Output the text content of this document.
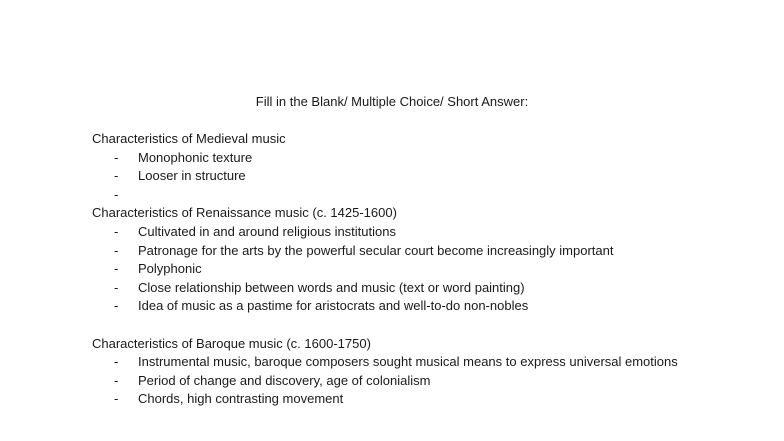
Fill in the Blank/ Multiple Choice/ Short Answer:
Characteristics of Medieval music
-	Monophonic texture
-	Looser in structure
-
Characteristics of Renaissance music (c. 1425-1600)
-	Cultivated in and around religious institutions
-	Patronage for the arts by the powerful secular court become increasingly important
-	Polyphonic
-	Close relationship between words and music (text or word painting)
-	Idea of music as a pastime for aristocrats and well-to-do non-nobles
Characteristics of Baroque music (c. 1600-1750)
-	Instrumental music, baroque composers sought musical means to express universal emotions
-	Period of change and discovery, age of colonialism
-	Chords, high contrasting movement
